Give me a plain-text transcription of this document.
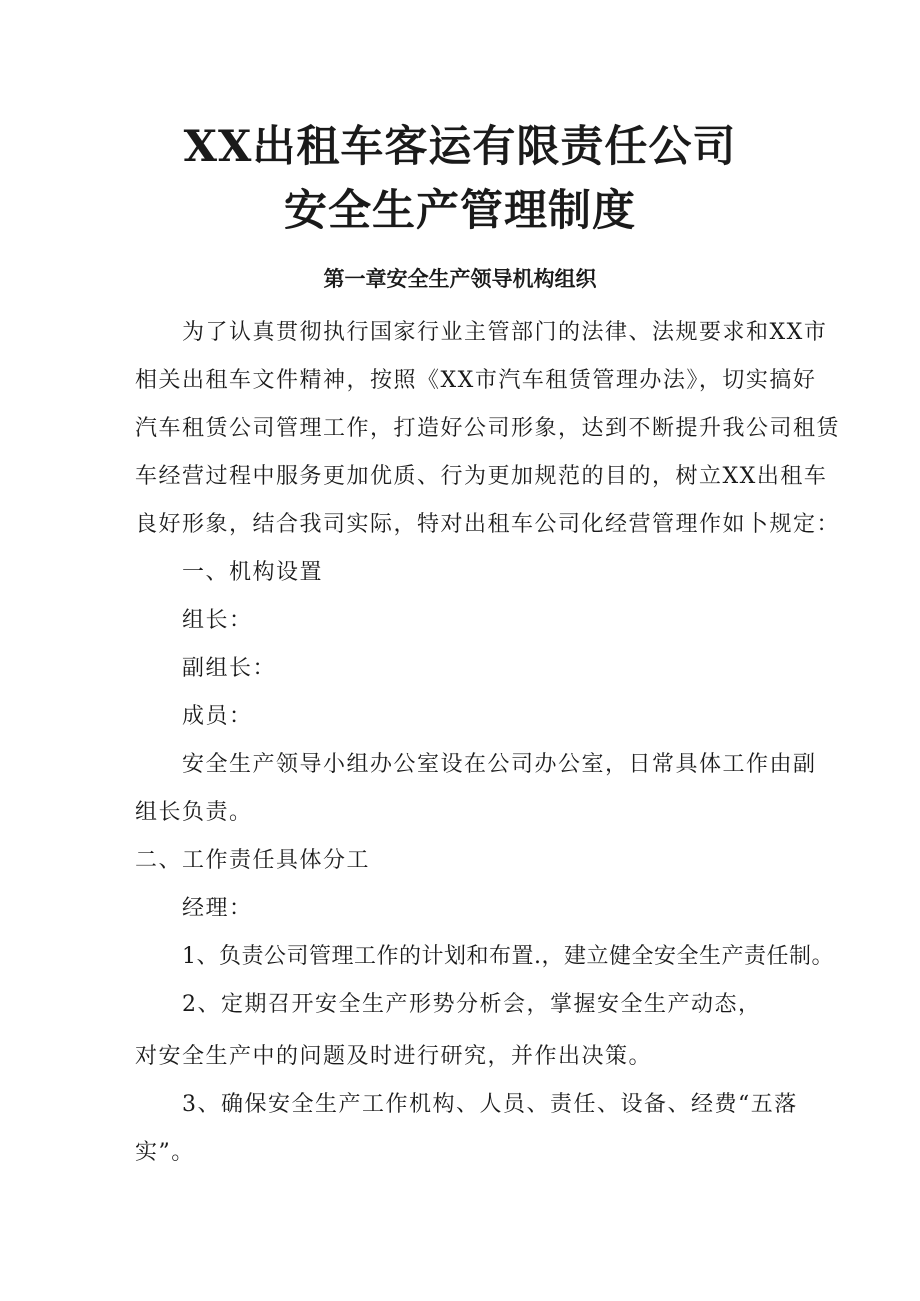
XX出租车客运有限责任公司
安全生产管理制度
第一章安全生产领导机构组织

为了认真贯彻执行国家行业主管部门的法律、法规要求和XX市

相关出租车文件精神，按照《XX市汽车租赁管理办法》，切实搞好

汽车租赁公司管理工作，打造好公司形象，达到不断提升我公司租赁

车经营过程中服务更加优质、行为更加规范的目的，树立XX出租车

良好形象，结合我司实际，特对出租车公司化经营管理作如卜规定：

一、机构设置

组长：

副组长：

成员：

安全生产领导小组办公室设在公司办公室，日常具体工作由副

组长负责。

二、工作责任具体分工

经理：

1、负责公司管理工作的计划和布置.，建立健全安全生产责任制。

2、定期召开安全生产形势分析会，掌握安全生产动态，

对安全生产中的问题及时进行研究，并作出决策。

3、确保安全生产工作机构、人员、责任、设备、经费“五落

实”。
